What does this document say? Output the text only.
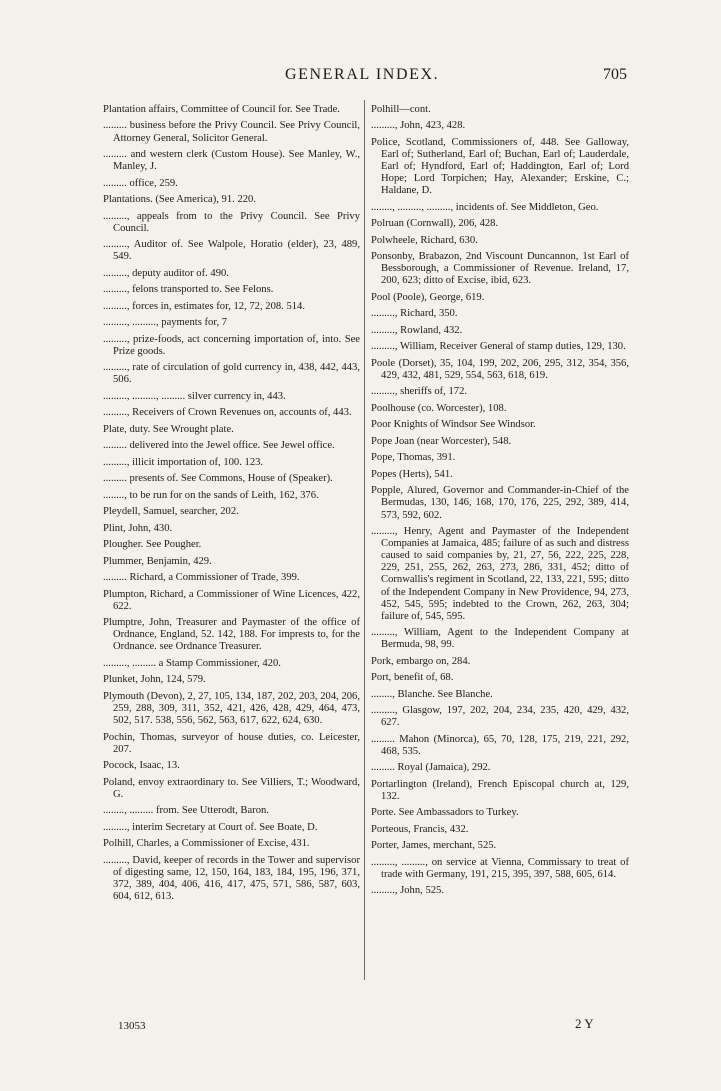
GENERAL INDEX.	705

Plantation affairs, Committee of Council for. See Trade.

......... business before the Privy Council. See Privy Council, Attorney General, Solicitor General.

......... and western clerk (Custom House). See Manley, W., Manley, J.

......... office, 259.

Plantations. (See America), 91. 220.

........., appeals from to the Privy Council. See Privy Council.

........., Auditor of. See Walpole, Horatio (elder), 23, 489, 549.

........., deputy auditor of. 490.

........., felons transported to. See Felons.

........., forces in, estimates for, 12, 72, 208. 514.

........., ........., payments for, 7

........., prize-foods, act concerning importation of, into. See Prize goods.

........., rate of circulation of gold currency in, 438, 442, 443, 506.

........., ........., ......... silver currency in, 443.

........., Receivers of Crown Revenues on, accounts of, 443.

Plate, duty. See Wrought plate.

......... delivered into the Jewel office. See Jewel office.

........., illicit importation of, 100. 123.

......... presents of. See Commons, House of (Speaker).

........, to be run for on the sands of Leith, 162, 376.

Pleydell, Samuel, searcher, 202.

Plint, John, 430.

Plougher. See Pougher.

Plummer, Benjamin, 429.

......... Richard, a Commissioner of Trade, 399.

Plumpton, Richard, a Commissioner of Wine Licences, 422, 622.

Plumptre, John, Treasurer and Paymaster of the office of Ordnance, England, 52. 142, 188. For imprests to, for the Ordnance. see Ordnance Treasurer.

........., ......... a Stamp Commissioner, 420.

Plunket, John, 124, 579.

Plymouth (Devon), 2, 27, 105, 134, 187, 202, 203, 204, 206, 259, 288, 309, 311, 352, 421, 426, 428, 429, 464, 473, 502, 517. 538, 556, 562, 563, 617, 622, 624, 630.

Pochin, Thomas, surveyor of house duties, co. Leicester, 207.

Pocock, Isaac, 13.

Poland, envoy extraordinary to. See Villiers, T.; Woodward, G.

........, ......... from. See Utterodt, Baron.

........., interim Secretary at Court of. See Boate, D.

Polhill, Charles, a Commissioner of Excise, 431.

........., David, keeper of records in the Tower and supervisor of digesting same, 12, 150, 164, 183, 184, 195, 196, 371, 372, 389, 404, 406, 416, 417, 475, 571, 586, 587, 603, 604, 612, 613.

Polhill—cont.

........., John, 423, 428.

Police, Scotland, Commissioners of, 448. See Galloway, Earl of; Sutherland, Earl of; Buchan, Earl of; Lauderdale, Earl of; Hyndford, Earl of; Haddington, Earl of; Lord Hope; Lord Torpichen; Hay, Alexander; Erskine, C.; Haldane, D.

........, ........., ........., incidents of. See Middleton, Geo.

Polruan (Cornwall), 206, 428.

Polwheele, Richard, 630.

Ponsonby, Brabazon, 2nd Viscount Duncannon, 1st Earl of Bessborough, a Commissioner of Revenue. Ireland, 17, 200, 623; ditto of Excise, ibid, 623.

Pool (Poole), George, 619.

........., Richard, 350.

........., Rowland, 432.

........., William, Receiver General of stamp duties, 129, 130.

Poole (Dorset), 35, 104, 199, 202, 206, 295, 312, 354, 356, 429, 432, 481, 529, 554, 563, 618, 619.

........., sheriffs of, 172.

Poolhouse (co. Worcester), 108.

Poor Knights of Windsor See Windsor.

Pope Joan (near Worcester), 548.

Pope, Thomas, 391.

Popes (Herts), 541.

Popple, Alured, Governor and Commander-in-Chief of the Bermudas, 130, 146, 168, 170, 176, 225, 292, 389, 414, 573, 592, 602.

........., Henry, Agent and Paymaster of the Independent Companies at Jamaica, 485; failure of as such and distress caused to said companies by, 21, 27, 56, 222, 225, 228, 229, 251, 255, 262, 263, 273, 286, 331, 452; ditto of Cornwallis's regiment in Scotland, 22, 133, 221, 595; ditto of the Independent Company in New Providence, 94, 273, 452, 545, 595; indebted to the Crown, 262, 263, 304; failure of, 545, 595.

........., William, Agent to the Independent Company at Bermuda, 98, 99.

Pork, embargo on, 284.

Port, benefit of, 68.

........, Blanche. See Blanche.

........., Glasgow, 197, 202, 204, 234, 235, 420, 429, 432, 627.

......... Mahon (Minorca), 65, 70, 128, 175, 219, 221, 292, 468, 535.

......... Royal (Jamaica), 292.

Portarlington (Ireland), French Episcopal church at, 129, 132.

Porte. See Ambassadors to Turkey.

Porteous, Francis, 432.

Porter, James, merchant, 525.

........., ........., on service at Vienna, Commissary to treat of trade with Germany, 191, 215, 395, 397, 588, 605, 614.

........., John, 525.

13053	2 Y
